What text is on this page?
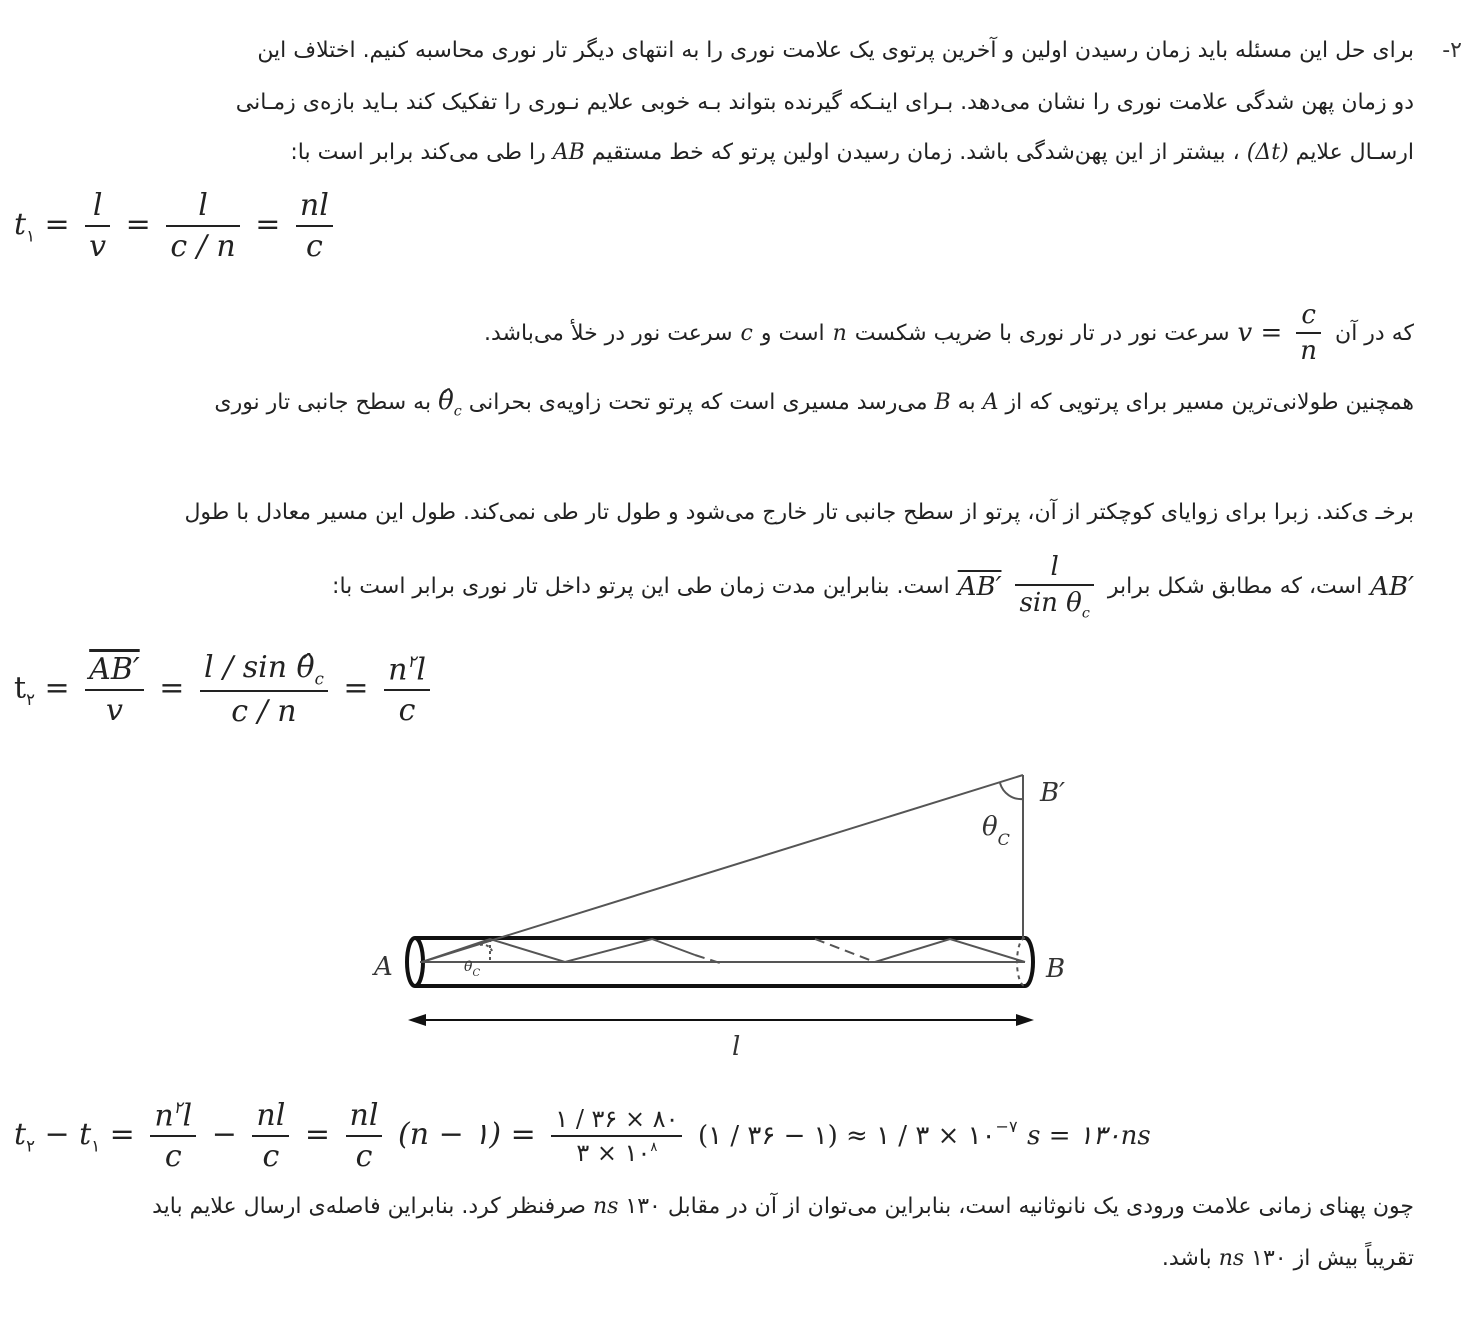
-۲
برای حل این مسئله باید زمان رسیدن اولین و آخرین پرتوی یک علامت نوری را به انتهای دیگر تار نوری محاسبه کنیم. اختلاف این
دو زمان پهن شدگی علامت نوری را نشان می‌دهد. بـرای اینـکه گیرنده بتواند بـه خوبی علایم نـوری را تفکیک کند بـاید بازه‌ی زمـانی
ارسـال علایم (Δt) ، بیشتر از این پهن‌شدگی باشد. زمان رسیدن اولین پرتو که خط مستقیم AB را طی می‌کند برابر است با:
$t_۱ = \frac{l}{v} = \frac{l}{c / n} = \frac{nl}{c}$
که در آن
$\frac{c}{n}$
v =
سرعت نور در تار نوری با ضریب شکست
n
است و
c
سرعت نور در خلأ می‌باشد.
همچنین طولانی‌ترین مسیر برای پرتویی که از A به B می‌رسد مسیری است که پرتو تحت زاویه‌ی بحرانی $\thetâ_c$ به سطح جانبی تار نوری
برخـ ی‌کند. زبرا برای زوایای کوچکتر از آن، پرتو از سطح جانبی تار خارج می‌شود و طول تار طی نمی‌کند. طول این مسیر معادل با طول
AB′
است، که مطابق شکل برابر
$\frac{l}{\sin \theta_c}$
AB′
است. بنابراین مدت زمان طی این پرتو داخل تار نوری برابر است با:
$t_۲ = \frac{AB'}{v} = \frac{l / \sin \thetâ_c}{c / n} = \frac{n^۲l}{c}$
A	B
B′
$\theta_C$
$\theta_C$
l
$t_۲ - t_۱ = \frac{n^۲l}{c} - \frac{nl}{c} = \frac{nl}{c} (n$ − ۱) = $\frac{۱ / ۳۶ \times ۸۰}{۳ \times ۱۰^۸}$ (۱ / ۳۶ − ۱) ≈ ۱ / ۳ × $۱۰^{-۷}$ s = ۱۳۰ns
چون پهنای زمانی علامت ورودی یک نانوثانیه است، بنابراین می‌توان از آن در مقابل ns ۱۳۰ صرفنظر کرد. بنابراین فاصله‌ی ارسال علایم باید
تقریباً بیش از ۱۳۰ ns باشد.
